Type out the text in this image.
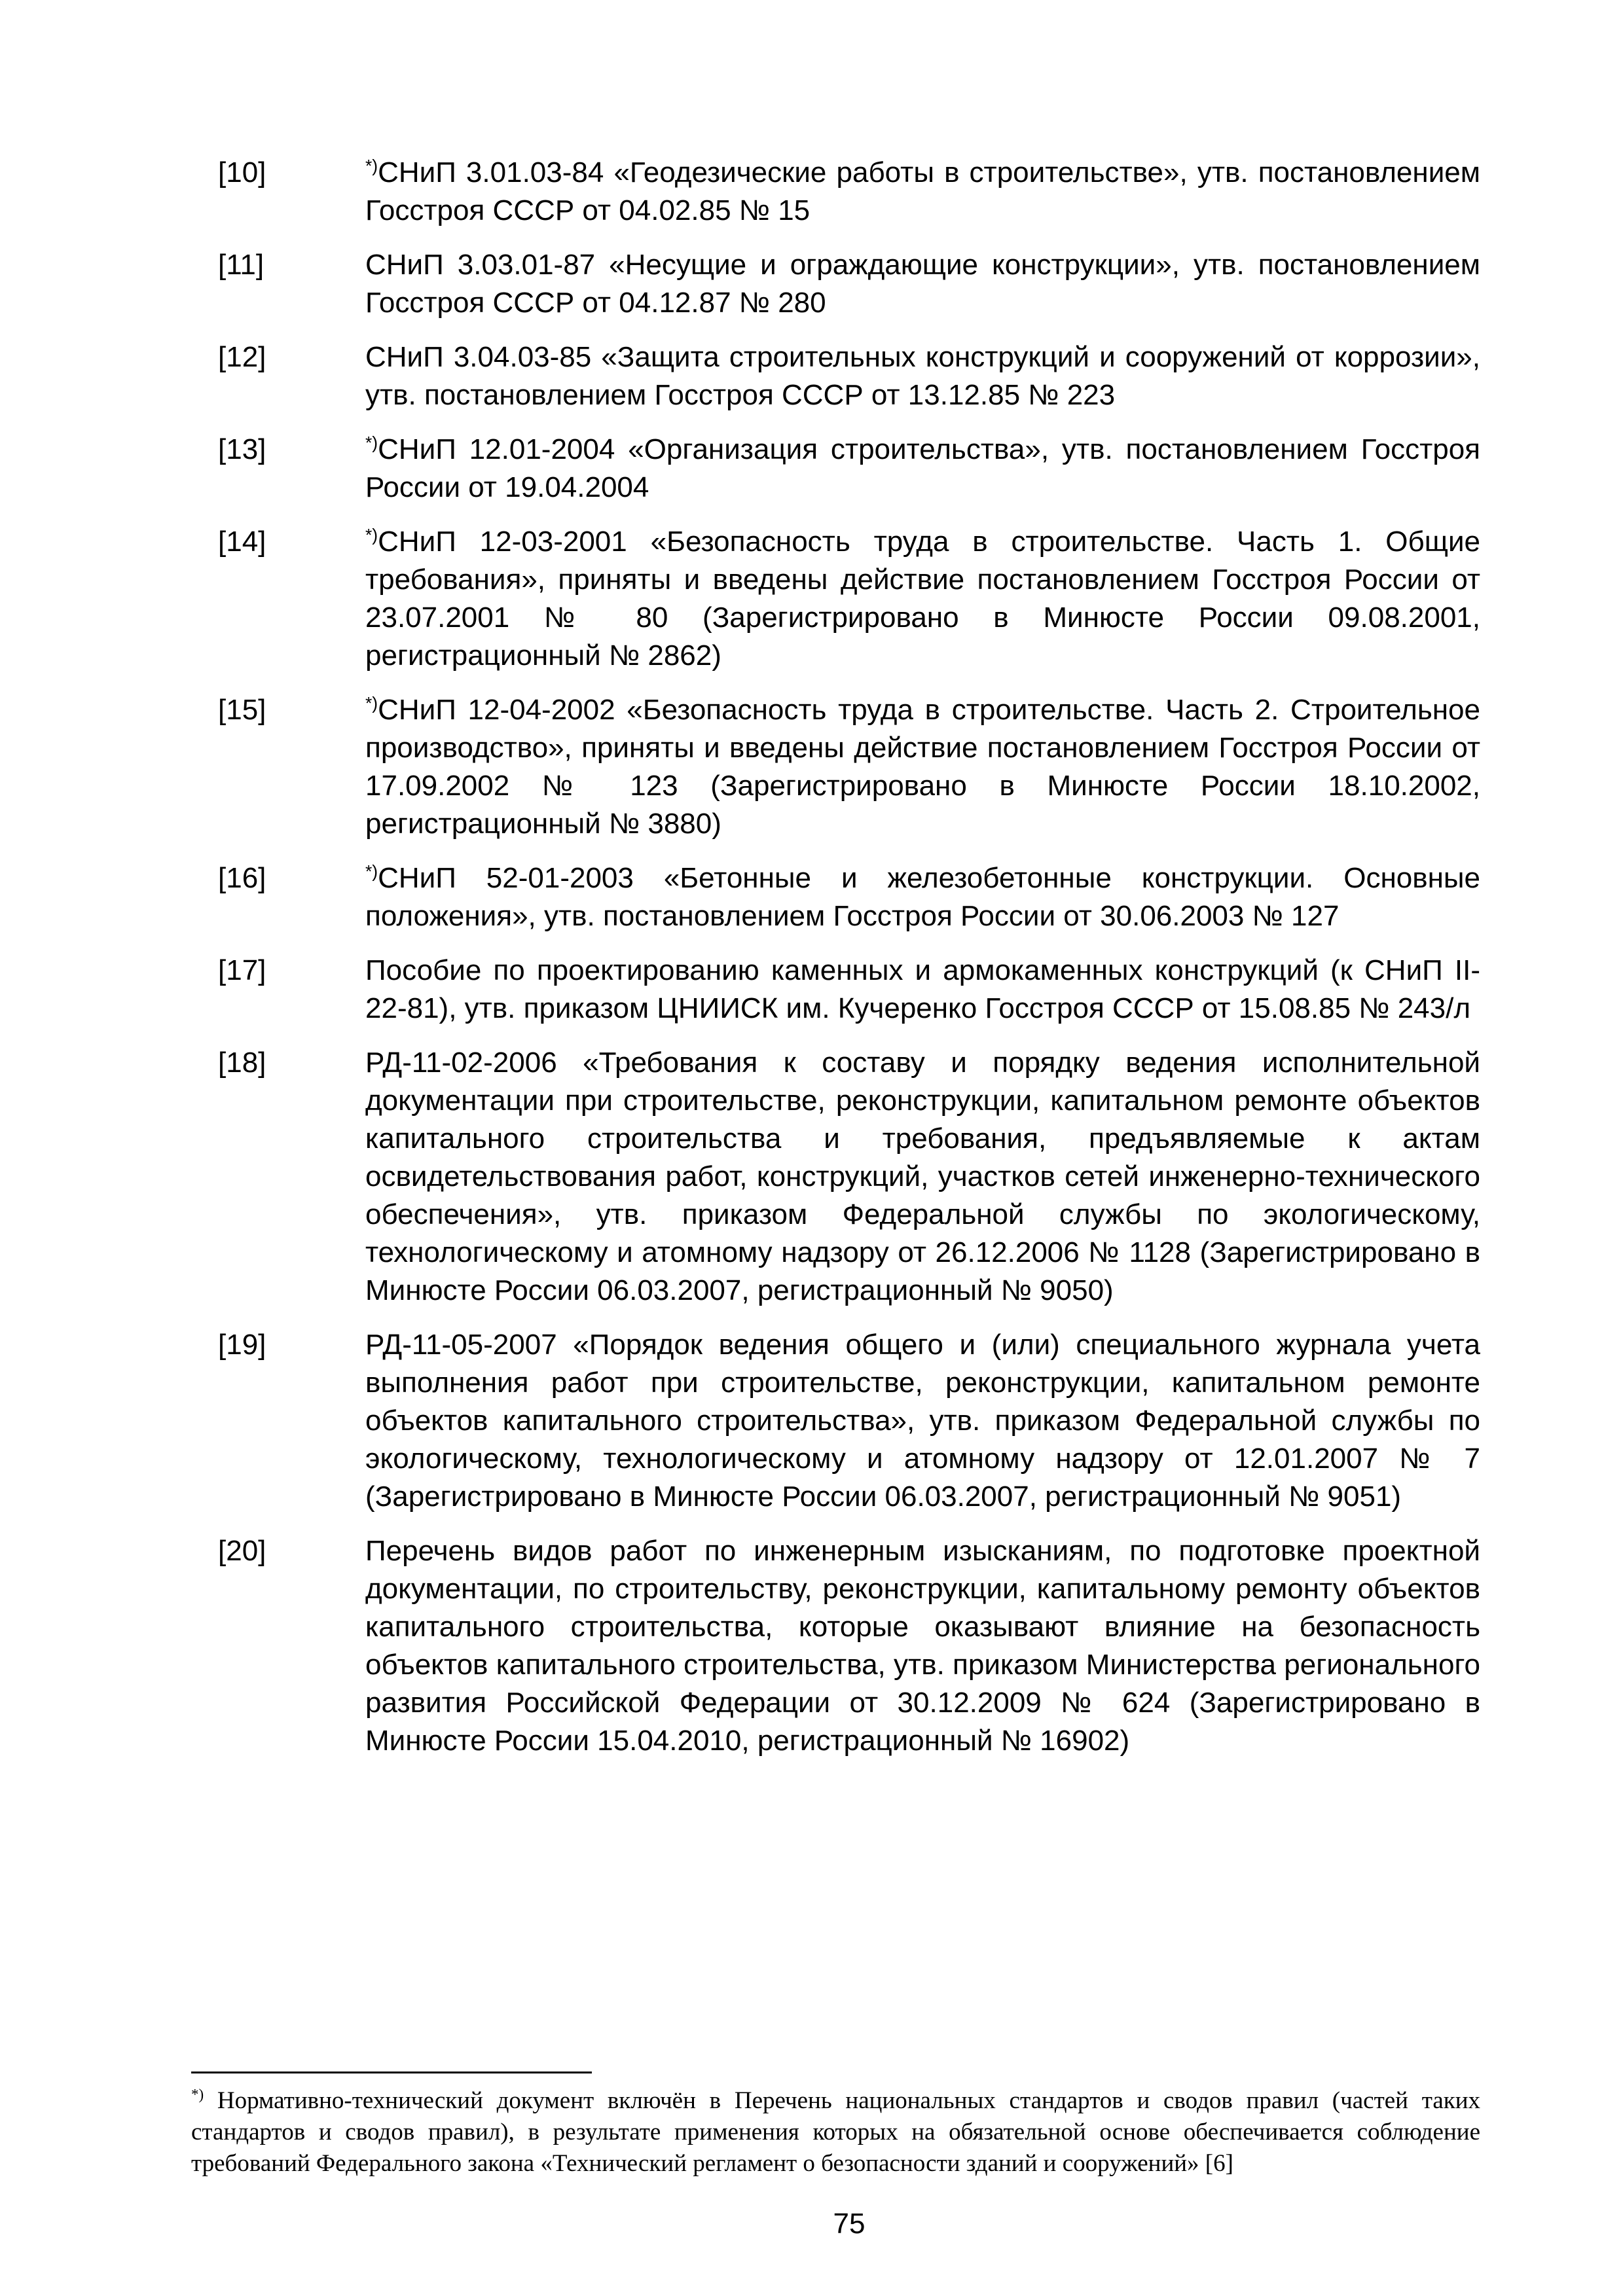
[10]	*)СНиП 3.01.03-84 «Геодезические работы в строительстве», утв. постановлением Госстроя СССР от 04.02.85 № 15
[11]	СНиП 3.03.01-87 «Несущие и ограждающие конструкции», утв. постановлением Госстроя СССР от 04.12.87 № 280
[12]	СНиП 3.04.03-85 «Защита строительных конструкций и сооружений от коррозии», утв. постановлением Госстроя СССР от 13.12.85 № 223
[13]	*)СНиП 12.01-2004 «Организация строительства», утв. постановлением Госстроя России от 19.04.2004
[14]	*)СНиП 12-03-2001 «Безопасность труда в строительстве. Часть 1. Общие требования», приняты и введены действие постановлением Госстроя России от 23.07.2001 № 80 (Зарегистрировано в Минюсте России 09.08.2001, регистрационный № 2862)
[15]	*)СНиП 12-04-2002 «Безопасность труда в строительстве. Часть 2. Строительное производство», приняты и введены действие постановлением Госстроя России от 17.09.2002 № 123 (Зарегистрировано в Минюсте России 18.10.2002, регистрационный № 3880)
[16]	*)СНиП 52-01-2003 «Бетонные и железобетонные конструкции. Основные положения», утв. постановлением Госстроя России от 30.06.2003 № 127
[17]	Пособие по проектированию каменных и армокаменных конструкций (к СНиП II-22-81), утв. приказом ЦНИИСК им. Кучеренко Госстроя СССР от 15.08.85 № 243/л
[18]	РД-11-02-2006 «Требования к составу и порядку ведения исполнительной документации при строительстве, реконструкции, капитальном ремонте объектов капитального строительства и требования, предъявляемые к актам освидетельствования работ, конструкций, участков сетей инженерно-технического обеспечения», утв. приказом Федеральной службы по экологическому, технологическому и атомному надзору от 26.12.2006 № 1128 (Зарегистрировано в Минюсте России 06.03.2007, регистрационный № 9050)
[19]	РД-11-05-2007 «Порядок ведения общего и (или) специального журнала учета выполнения работ при строительстве, реконструкции, капитальном ремонте объектов капитального строительства», утв. приказом Федеральной службы по экологическому, технологическому и атомному надзору от 12.01.2007 № 7 (Зарегистрировано в Минюсте России 06.03.2007, регистрационный № 9051)
[20]	Перечень видов работ по инженерным изысканиям, по подготовке проектной документации, по строительству, реконструкции, капитальному ремонту объектов капитального строительства, которые оказывают влияние на безопасность объектов капитального строительства, утв. приказом Министерства регионального развития Российской Федерации от 30.12.2009 № 624 (Зарегистрировано в Минюсте России 15.04.2010, регистрационный № 16902)

*) Нормативно-технический документ включён в Перечень национальных стандартов и сводов правил (частей таких стандартов и сводов правил), в результате применения которых на обязательной основе обеспечивается соблюдение требований Федерального закона «Технический регламент о безопасности зданий и сооружений» [6]

75
